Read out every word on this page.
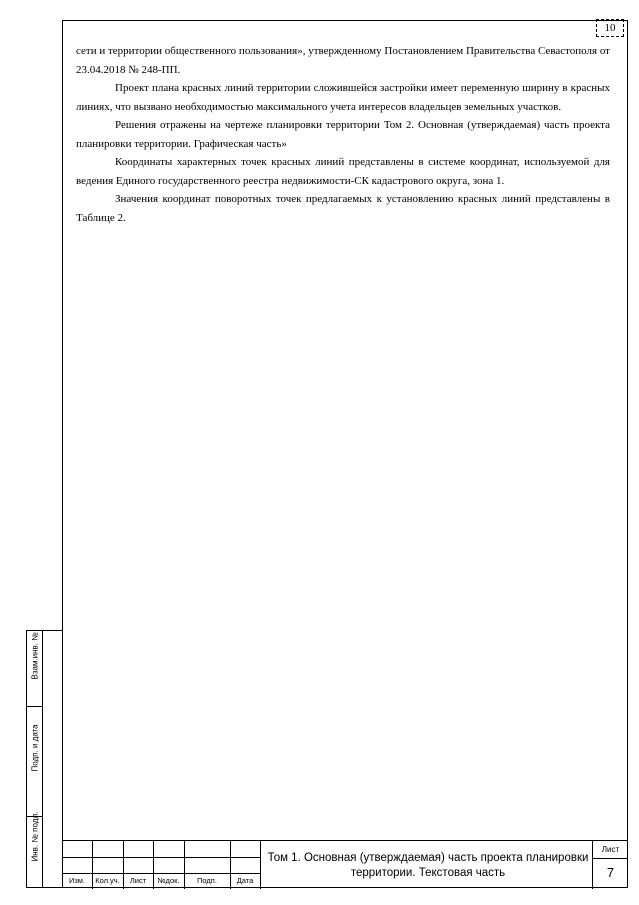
10

сети и территории общественного пользования», утвержденному Постановлением Правительства Севастополя от 23.04.2018 № 248-ПП.

Проект плана красных линий территории сложившейся застройки имеет переменную ширину в красных линиях, что вызвано необходимостью максимального учета интересов владельцев земельных участков.

Решения отражены на чертеже планировки территории Том 2. Основная (утверждаемая) часть проекта планировки территории. Графическая часть»

Координаты характерных точек красных линий представлены в системе координат, используемой для ведения Единого государственного реестра недвижимости-СК кадастрового округа, зона 1.

Значения координат поворотных точек предлагаемых к установлению красных линий представлены в Таблице 2.

Взам.инв. №
Подп. и дата
Инв. № подл.
Изм.	Кол.уч.	Лист	№док.	Подп.	Дата
Том 1. Основная (утверждаемая) часть проекта планировки территории. Текстовая часть
Лист
7
